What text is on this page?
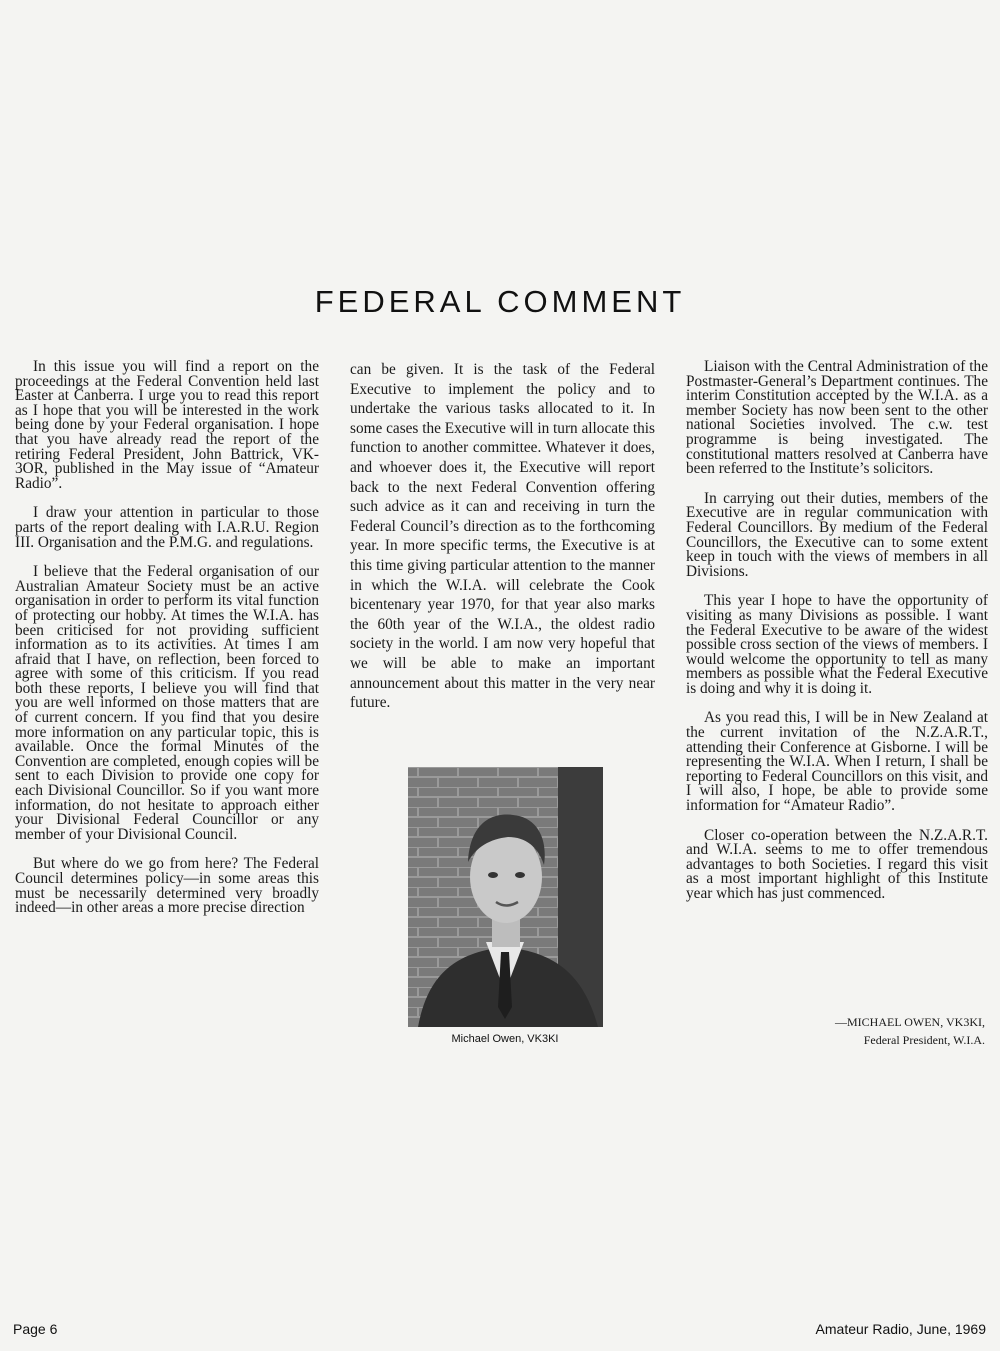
FEDERAL COMMENT

In this issue you will find a report on the proceedings at the Federal Convention held last Easter at Canberra. I urge you to read this report as I hope that you will be interested in the work being done by your Federal organisation. I hope that you have already read the report of the retiring Federal President, John Battrick, VK-3OR, published in the May issue of “Amateur Radio”.

I draw your attention in particular to those parts of the report dealing with I.A.R.U. Region III. Organisation and the P.M.G. and regulations.

I believe that the Federal organisation of our Australian Amateur Society must be an active organisation in order to perform its vital function of protecting our hobby. At times the W.I.A. has been criticised for not providing sufficient information as to its activities. At times I am afraid that I have, on reflection, been forced to agree with some of this criticism. If you read both these reports, I believe you will find that you are well informed on those matters that are of current concern. If you find that you desire more information on any particular topic, this is available. Once the formal Minutes of the Convention are completed, enough copies will be sent to each Division to provide one copy for each Divisional Councillor. So if you want more information, do not hesitate to approach either your Divisional Federal Councillor or any member of your Divisional Council.

But where do we go from here? The Federal Council determines policy—in some areas this must be necessarily determined very broadly indeed—in other areas a more precise direction

can be given. It is the task of the Federal Executive to implement the policy and to undertake the various tasks allocated to it. In some cases the Executive will in turn allocate this function to another committee. Whatever it does, and whoever does it, the Executive will report back to the next Federal Convention offering such advice as it can and receiving in turn the Federal Council’s direction as to the forthcoming year. In more specific terms, the Executive is at this time giving particular attention to the manner in which the W.I.A. will celebrate the Cook bicentenary year 1970, for that year also marks the 60th year of the W.I.A., the oldest radio society in the world. I am now very hopeful that we will be able to make an important announcement about this matter in the very near future.

Michael Owen, VK3KI

Liaison with the Central Administration of the Postmaster-General’s Department continues. The interim Constitution accepted by the W.I.A. as a member Society has now been sent to the other national Societies involved. The c.w. test programme is being investigated. The constitutional matters resolved at Canberra have been referred to the Institute’s solicitors.

In carrying out their duties, members of the Executive are in regular communication with Federal Councillors. By medium of the Federal Councillors, the Executive can to some extent keep in touch with the views of members in all Divisions.

This year I hope to have the opportunity of visiting as many Divisions as possible. I want the Federal Executive to be aware of the widest possible cross section of the views of members. I would welcome the opportunity to tell as many members as possible what the Federal Executive is doing and why it is doing it.

As you read this, I will be in New Zealand at the current invitation of the N.Z.A.R.T., attending their Conference at Gisborne. I will be representing the W.I.A. When I return, I shall be reporting to Federal Councillors on this visit, and I will also, I hope, be able to provide some information for “Amateur Radio”.

Closer co-operation between the N.Z.A.R.T. and W.I.A. seems to me to offer tremendous advantages to both Societies. I regard this visit as a most important highlight of this Institute year which has just commenced.

—MICHAEL OWEN, VK3KI,
Federal President, W.I.A.
Page 6	Amateur Radio, June, 1969
